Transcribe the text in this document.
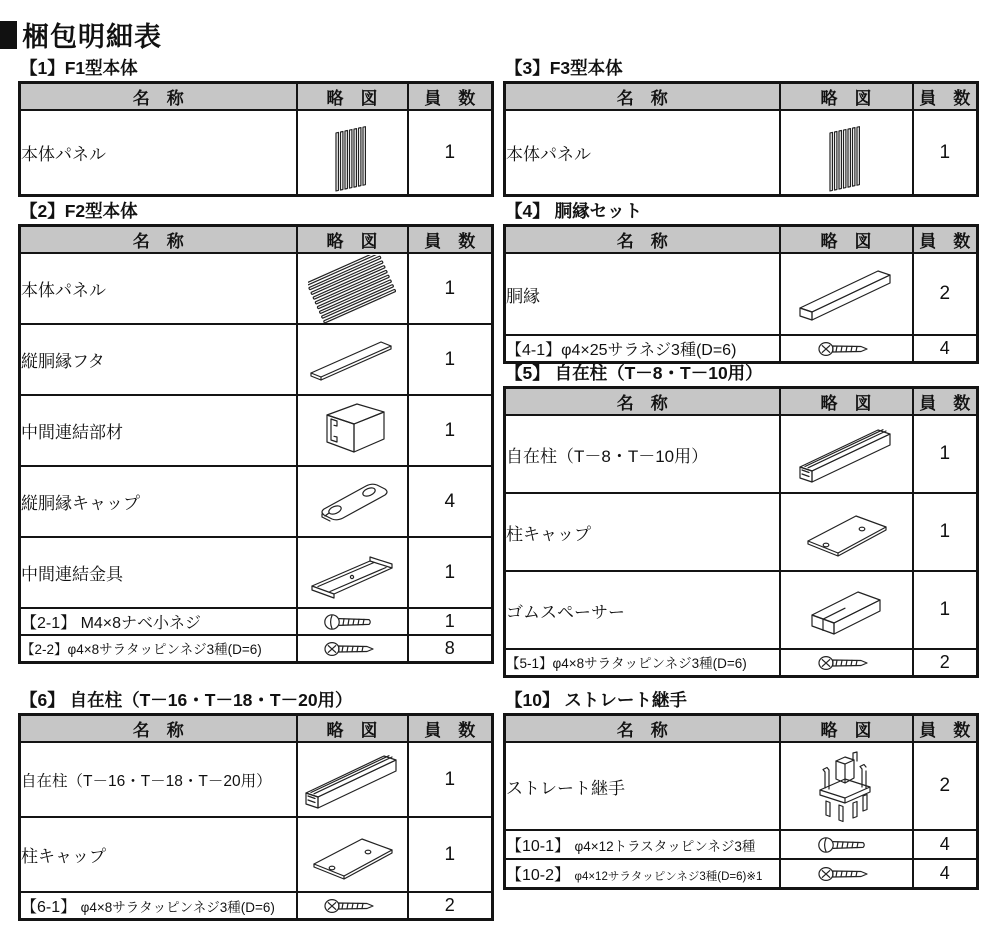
梱包明細表
【1】F1型本体
名　称	略　図	員　数
本体パネル		1
【2】F2型本体
名　称	略　図	員　数
本体パネル		1
縦胴縁フタ		1
中間連結部材		1
縦胴縁キャップ		4
中間連結金具		1
【2-1】 M4×8ナベ小ネジ		1
【2-2】φ4×8サラタッピンネジ3種(D=6)		8
【6】 自在柱（T－16・T－18・T－20用）
名　称	略　図	員　数
自在柱（T－16・T－18・T－20用）		1
柱キャップ		1
【6-1】 φ4×8サラタッピンネジ3種(D=6)		2
【3】F3型本体
名　称	略　図	員　数
本体パネル		1
【4】 胴縁セット
名　称	略　図	員　数
胴縁		2
【4-1】φ4×25サラネジ3種(D=6)		4
【5】 自在柱（T－8・T－10用）
名　称	略　図	員　数
自在柱（T－8・T－10用）		1
柱キャップ		1
ゴムスペーサー		1
【5-1】φ4×8サラタッピンネジ3種(D=6)		2
【10】 ストレート継手
名　称	略　図	員　数
ストレート継手		2
【10-1】 φ4×12トラスタッピンネジ3種		4
【10-2】 φ4×12サラタッピンネジ3種(D=6)※1		4
